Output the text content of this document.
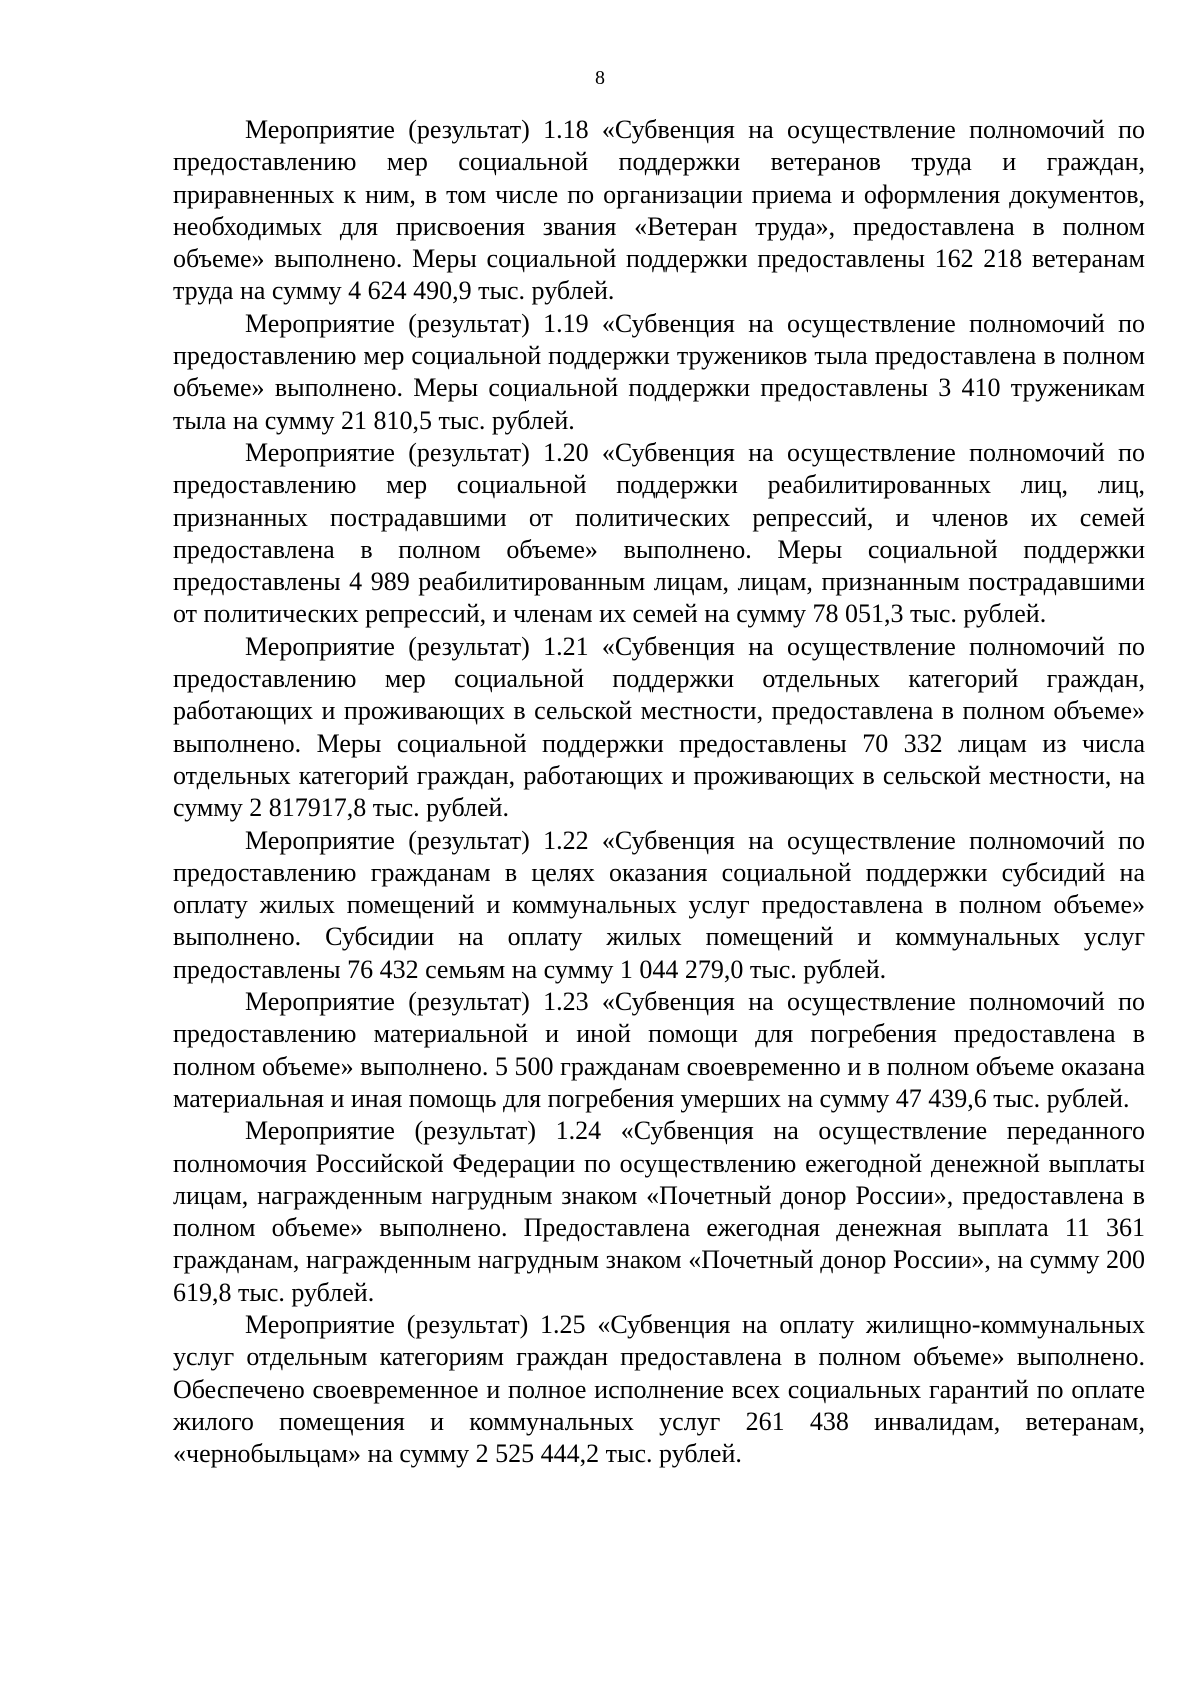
8

Мероприятие (результат) 1.18 «Субвенция на осуществление полномочий по предоставлению мер социальной поддержки ветеранов труда и граждан, приравненных к ним, в том числе по организации приема и оформления документов, необходимых для присвоения звания «Ветеран труда», предоставлена в полном объеме» выполнено. Меры социальной поддержки предоставлены 162 218 ветеранам труда на сумму 4 624 490,9 тыс. рублей.

Мероприятие (результат) 1.19 «Субвенция на осуществление полномочий по предоставлению мер социальной поддержки тружеников тыла предоставлена в полном объеме» выполнено. Меры социальной поддержки предоставлены 3 410 труженикам тыла на сумму 21 810,5 тыс. рублей.

Мероприятие (результат) 1.20 «Субвенция на осуществление полномочий по предоставлению мер социальной поддержки реабилитированных лиц, лиц, признанных пострадавшими от политических репрессий, и членов их семей предоставлена в полном объеме» выполнено. Меры социальной поддержки предоставлены 4 989 реабилитированным лицам, лицам, признанным пострадавшими от политических репрессий, и членам их семей на сумму 78 051,3 тыс. рублей.

Мероприятие (результат) 1.21 «Субвенция на осуществление полномочий по предоставлению мер социальной поддержки отдельных категорий граждан, работающих и проживающих в сельской местности, предоставлена в полном объеме» выполнено. Меры социальной поддержки предоставлены 70 332 лицам из числа отдельных категорий граждан, работающих и проживающих в сельской местности, на сумму 2 817917,8 тыс. рублей.

Мероприятие (результат) 1.22 «Субвенция на осуществление полномочий по предоставлению гражданам в целях оказания социальной поддержки субсидий на оплату жилых помещений и коммунальных услуг предоставлена в полном объеме» выполнено. Субсидии на оплату жилых помещений и коммунальных услуг предоставлены 76 432 семьям на сумму 1 044 279,0 тыс. рублей.

Мероприятие (результат) 1.23 «Субвенция на осуществление полномочий по предоставлению материальной и иной помощи для погребения предоставлена в полном объеме» выполнено. 5 500 гражданам своевременно и в полном объеме оказана материальная и иная помощь для погребения умерших на сумму 47 439,6 тыс. рублей.

Мероприятие (результат) 1.24 «Субвенция на осуществление переданного полномочия Российской Федерации по осуществлению ежегодной денежной выплаты лицам, награжденным нагрудным знаком «Почетный донор России», предоставлена в полном объеме» выполнено. Предоставлена ежегодная денежная выплата 11 361 гражданам, награжденным нагрудным знаком «Почетный донор России», на сумму 200 619,8 тыс. рублей.

Мероприятие (результат) 1.25 «Субвенция на оплату жилищно-коммунальных услуг отдельным категориям граждан предоставлена в полном объеме» выполнено. Обеспечено своевременное и полное исполнение всех социальных гарантий по оплате жилого помещения и коммунальных услуг 261 438 инвалидам, ветеранам, «чернобыльцам» на сумму 2 525 444,2 тыс. рублей.
